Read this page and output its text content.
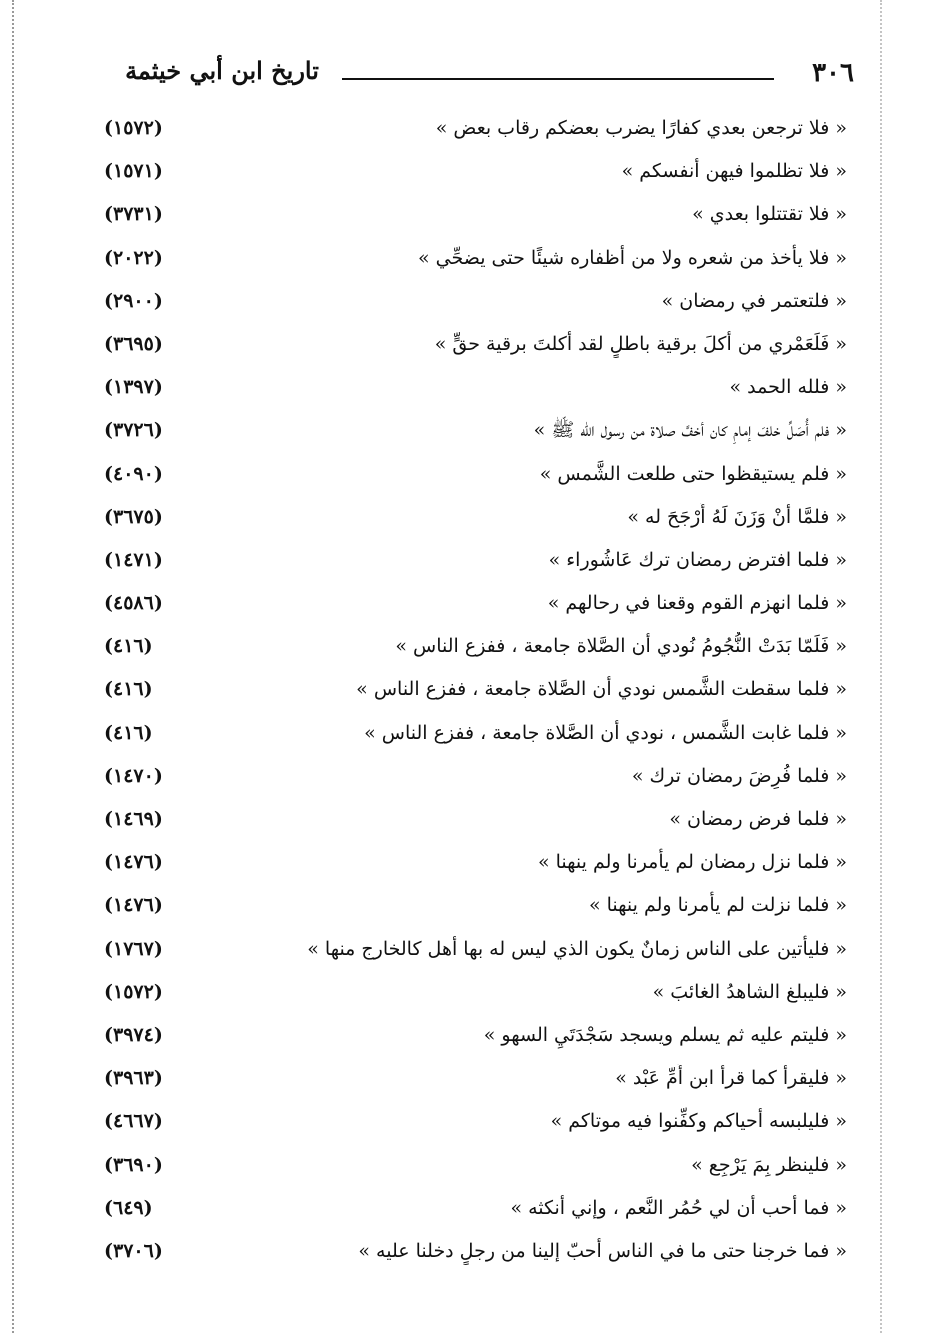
٣٠٦
تاريخ ابن أبي خيثمة
« فلا ترجعن بعدي كفارًا يضرب بعضكم رقاب بعض »
(١٥٧٢)
« فلا تظلموا فيهن أنفسكم »
(١٥٧١)
« فلا تقتتلوا بعدي »
(٣٧٣١)
« فلا يأخذ من شعره ولا من أظفاره شيئًا حتى يضحِّي »
(٢٠٢٢)
« فلتعتمر في رمضان »
(٢٩٠٠)
« فَلَعَمْري من أكلَ برقية باطلٍ لقد أكلتَ برقية حقٍّ »
(٣٦٩٥)
« فلله الحمد »
(١٣٩٧)
« فلم أُصَلِّ خلفَ إمامٍ كان أخفَّ صلاة من رسول الله ﷺ »
(٣٧٢٦)
« فلم يستيقظوا حتى طلعت الشَّمس »
(٤٠٩٠)
« فلمَّا أنْ وَزَنَ لَهُ أَرْجَحَ له »
(٣٦٧٥)
« فلما افترض رمضان ترك عَاشُوراء »
(١٤٧١)
« فلما انهزم القوم وقعنا في رحالهم »
(٤٥٨٦)
« فَلَمّا بَدَتْ النُّجُومُ نُودي أن الصَّلاة جامعة ، ففزع الناس »
(٤١٦)
« فلما سقطت الشَّمس نودي أن الصَّلاة جامعة ، ففزع الناس »
(٤١٦)
« فلما غابت الشَّمس ، نودي أن الصَّلاة جامعة ، ففزع الناس »
(٤١٦)
« فلما فُرِضَ رمضان ترك »
(١٤٧٠)
« فلما فرض رمضان »
(١٤٦٩)
« فلما نزل رمضان لم يأمرنا ولم ينهنا »
(١٤٧٦)
« فلما نزلت لم يأمرنا ولم ينهنا »
(١٤٧٦)
« فليأتين على الناس زمانٌ يكون الذي ليس له بها أهل كالخارج منها »
(١٧٦٧)
« فليبلغ الشاهدُ الغائبَ »
(١٥٧٢)
« فليتم عليه ثم يسلم ويسجد سَجْدَتَيِ السهو »
(٣٩٧٤)
« فليقرأ كما قرأ ابن أُمِّ عَبْد »
(٣٩٦٣)
« فليلبسه أحياكم وكفِّنوا فيه موتاكم »
(٤٦٦٧)
« فلينظر بِمَ يَرْجِع »
(٣٦٩٠)
« فما أحب أن لي حُمُر النَّعم ، وإني أنكثه »
(٦٤٩)
« فما خرجنا حتى ما في الناس أحبّ إلينا من رجلٍ دخلنا عليه »
(٣٧٠٦)
